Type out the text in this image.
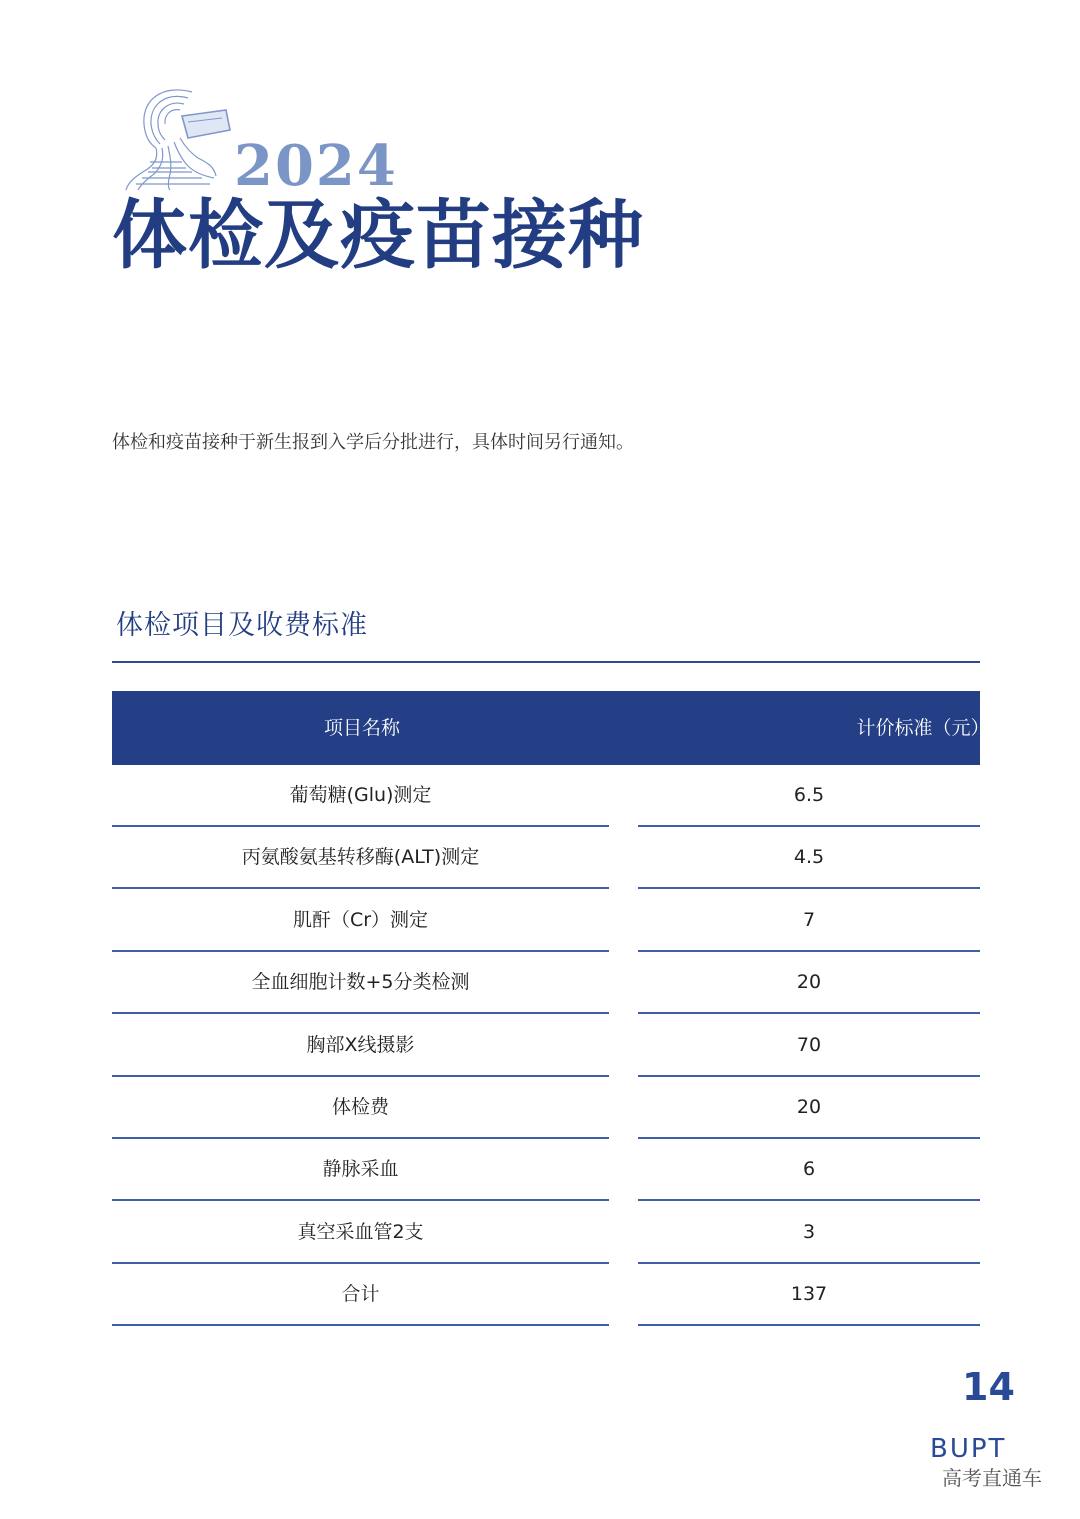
2024
体检及疫苗接种
体检和疫苗接种于新生报到入学后分批进行，具体时间另行通知。
体检项目及收费标准
项目名称	计价标准（元）
葡萄糖(Glu)测定	6.5
丙氨酸氨基转移酶(ALT)测定	4.5
肌酐（Cr）测定	7
全血细胞计数+5分类检测	20
胸部X线摄影	70
体检费	20
静脉采血	6
真空采血管2支	3
合计	137
14
BUPT
高考直通车
